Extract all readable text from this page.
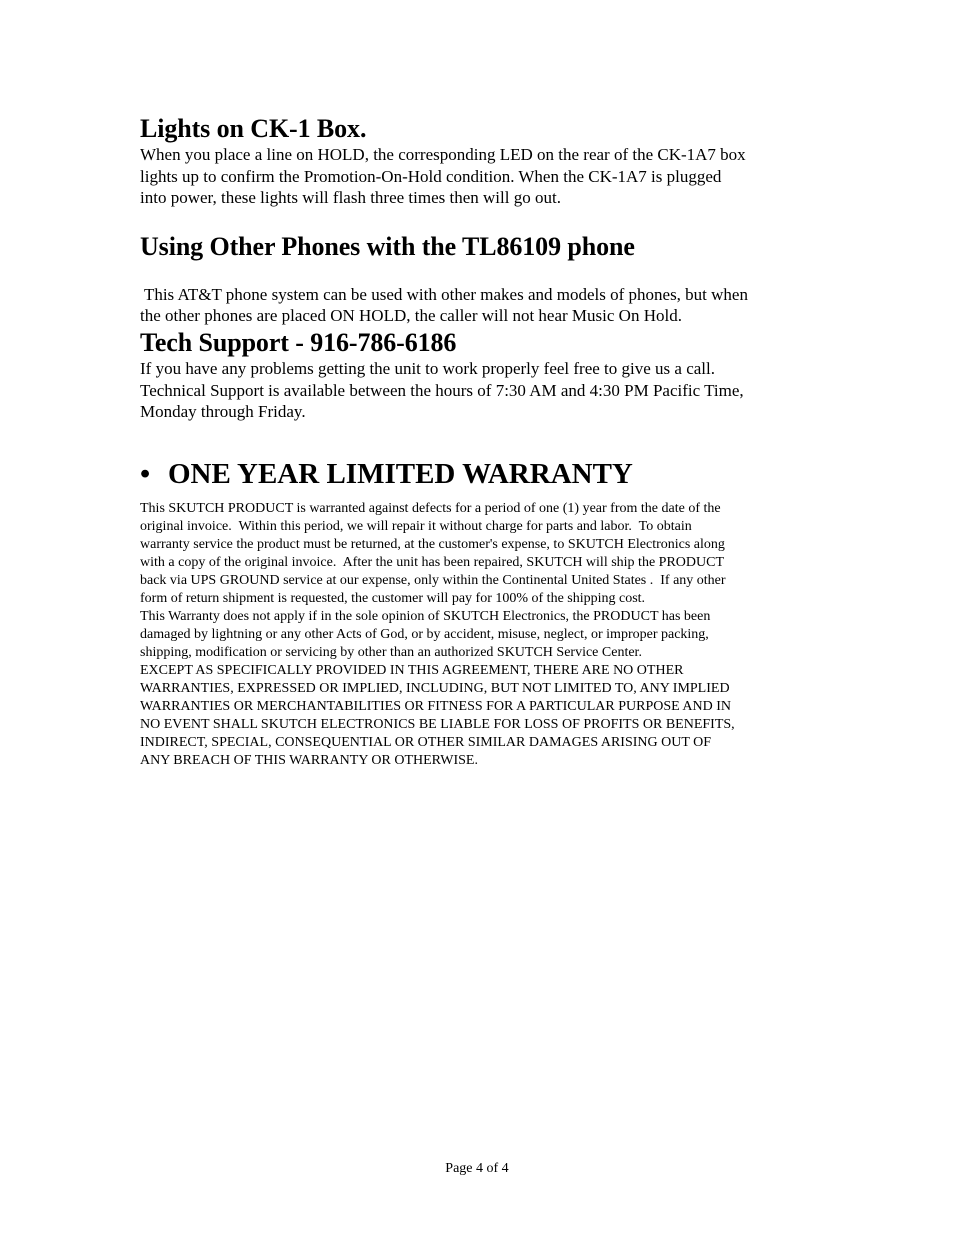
Lights on CK-1 Box.

When you place a line on HOLD, the corresponding LED on the rear of the CK-1A7 box
lights up to confirm the Promotion-On-Hold condition. When the CK-1A7 is plugged
into power, these lights will flash three times then will go out.

Using Other Phones with the TL86109 phone

This AT&T phone system can be used with other makes and models of phones, but when
the other phones are placed ON HOLD, the caller will not hear Music On Hold.

Tech Support - 916-786-6186

If you have any problems getting the unit to work properly feel free to give us a call.
Technical Support is available between the hours of 7:30 AM and 4:30 PM Pacific Time,
Monday through Friday.

• ONE YEAR LIMITED WARRANTY

This SKUTCH PRODUCT is warranted against defects for a period of one (1) year from the date of the
original invoice.  Within this period, we will repair it without charge for parts and labor.  To obtain
warranty service the product must be returned, at the customer's expense, to SKUTCH Electronics along
with a copy of the original invoice.  After the unit has been repaired, SKUTCH will ship the PRODUCT
back via UPS GROUND service at our expense, only within the Continental United States .  If any other
form of return shipment is requested, the customer will pay for 100% of the shipping cost.
This Warranty does not apply if in the sole opinion of SKUTCH Electronics, the PRODUCT has been
damaged by lightning or any other Acts of God, or by accident, misuse, neglect, or improper packing,
shipping, modification or servicing by other than an authorized SKUTCH Service Center.
EXCEPT AS SPECIFICALLY PROVIDED IN THIS AGREEMENT, THERE ARE NO OTHER
WARRANTIES, EXPRESSED OR IMPLIED, INCLUDING, BUT NOT LIMITED TO, ANY IMPLIED
WARRANTIES OR MERCHANTABILITIES OR FITNESS FOR A PARTICULAR PURPOSE AND IN
NO EVENT SHALL SKUTCH ELECTRONICS BE LIABLE FOR LOSS OF PROFITS OR BENEFITS,
INDIRECT, SPECIAL, CONSEQUENTIAL OR OTHER SIMILAR DAMAGES ARISING OUT OF
ANY BREACH OF THIS WARRANTY OR OTHERWISE.

Page 4 of 4
